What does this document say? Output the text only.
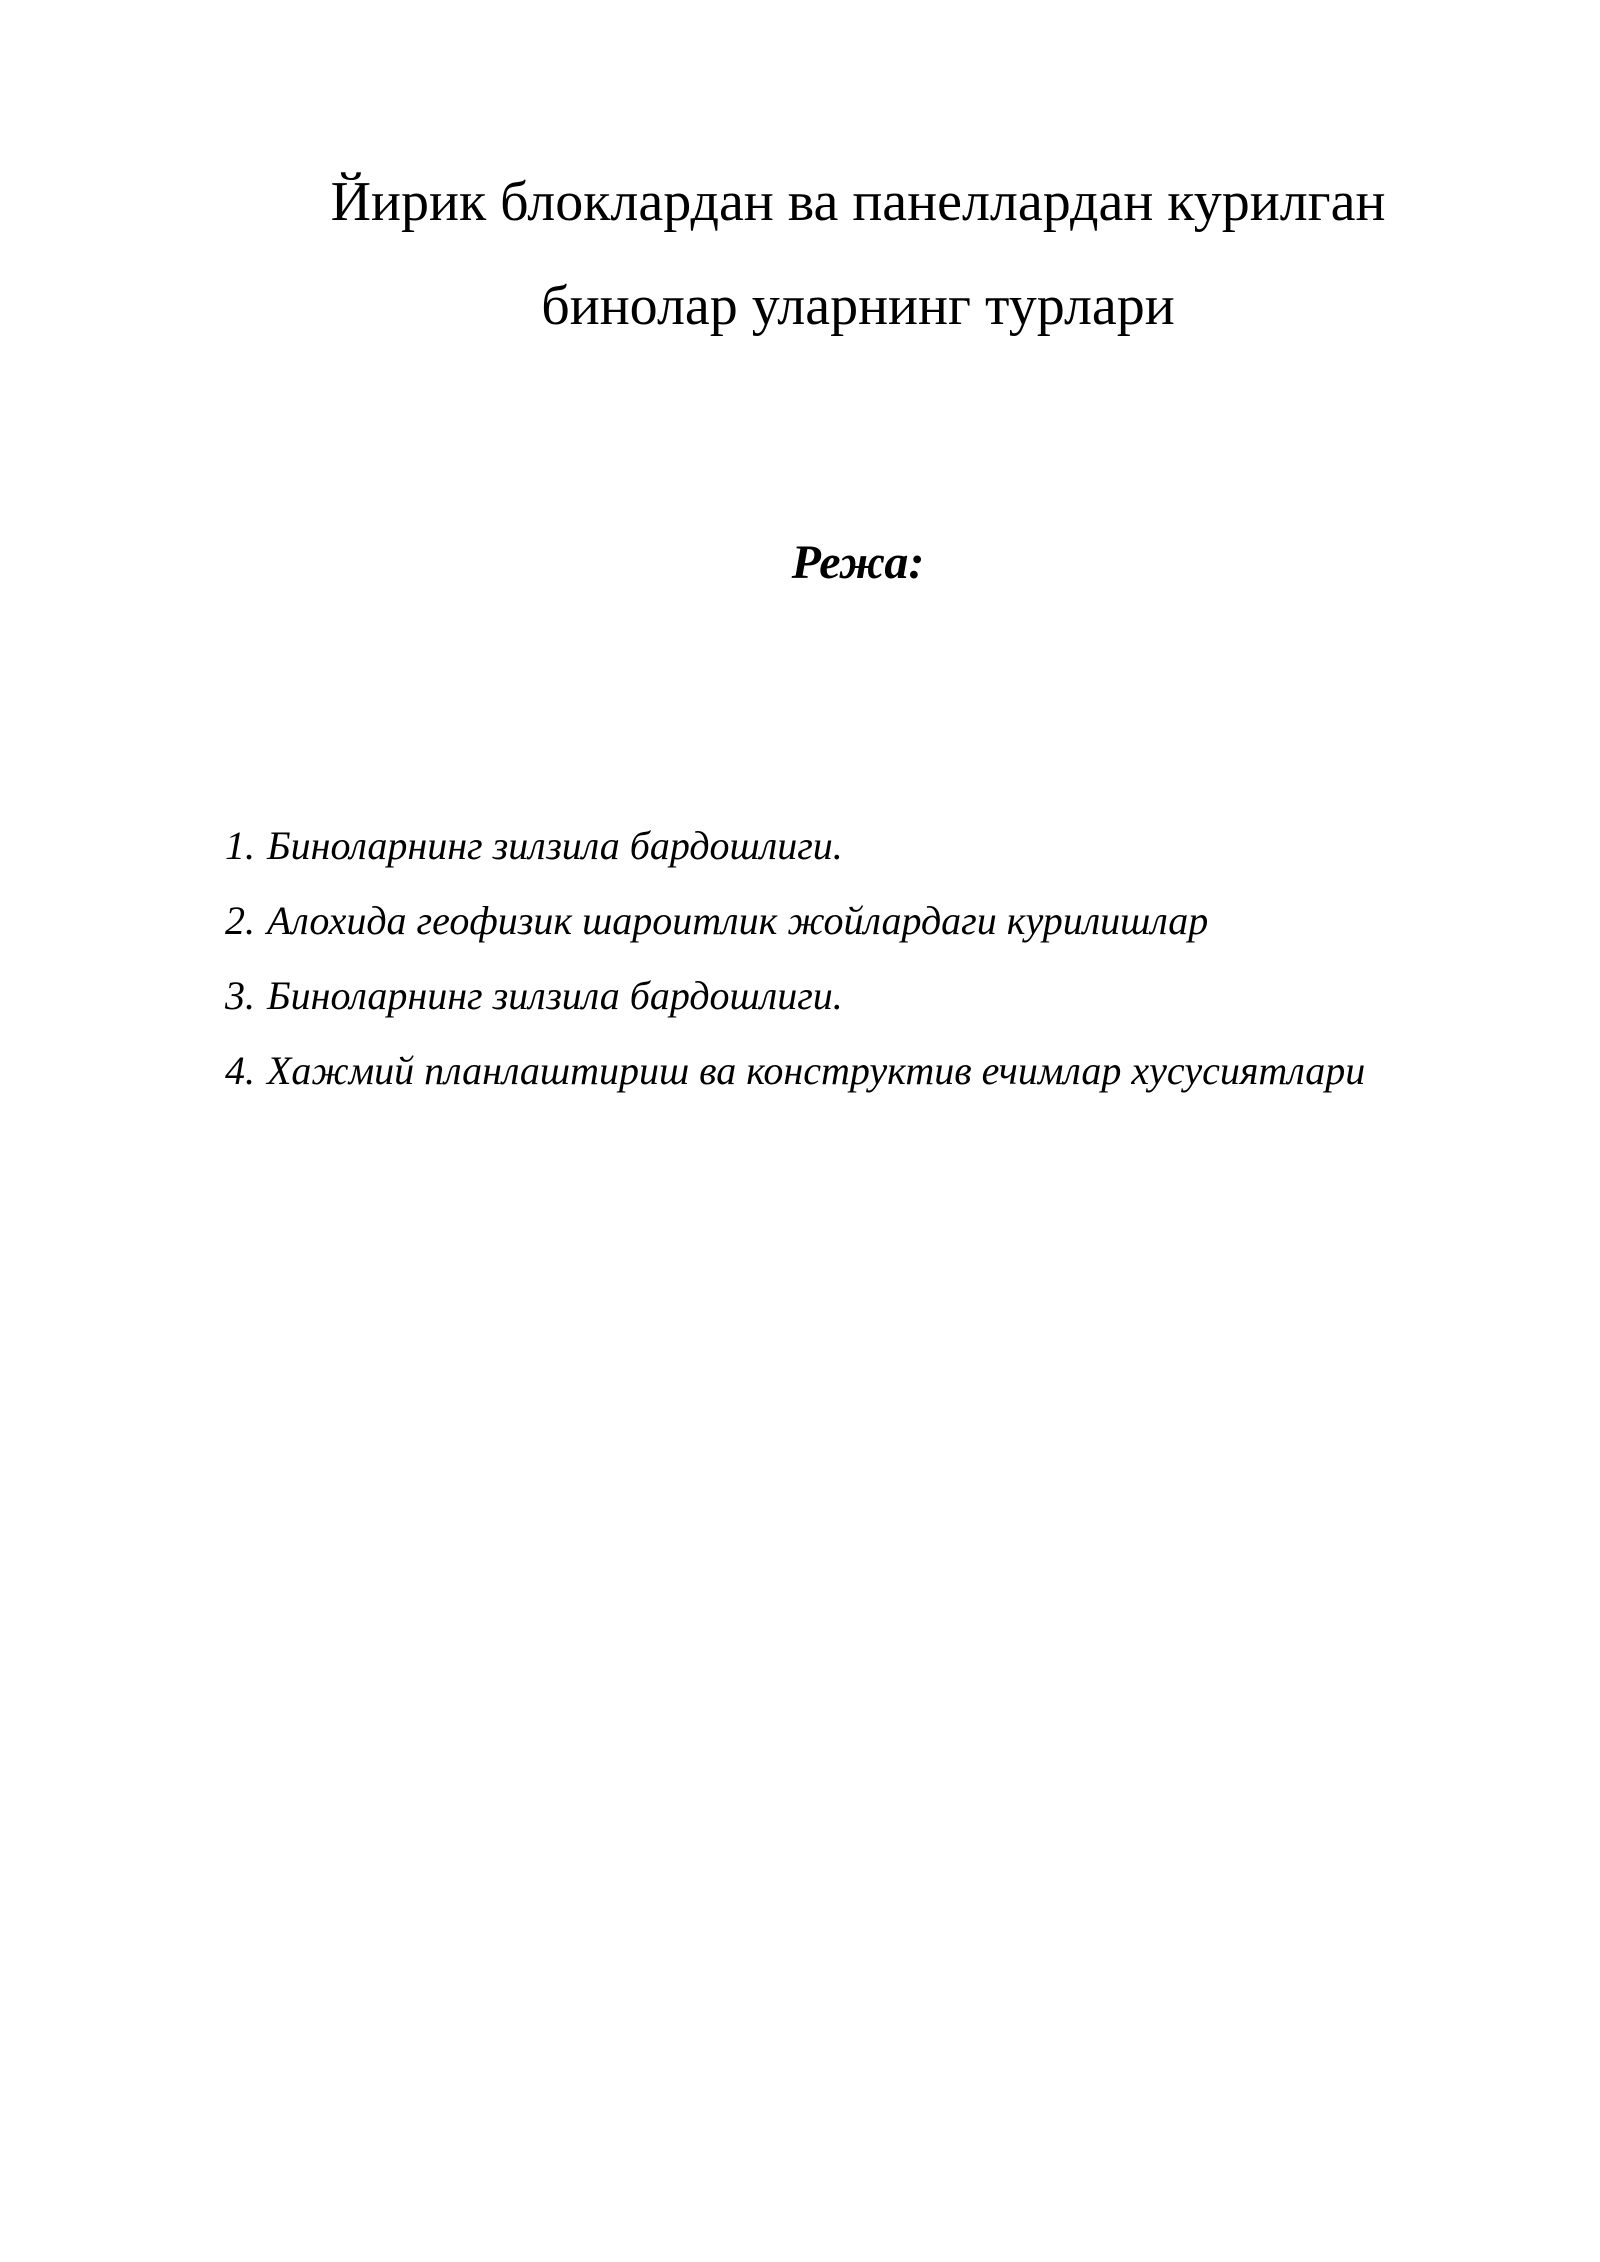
Йирик блоклардан ва панеллардан курилган
бинолар уларнинг турлари
Режа:
1. Биноларнинг зилзила бардошлиги.
2. Алохида геофизик шароитлик жойлардаги курилишлар
3. Биноларнинг зилзила бардошлиги.
4. Хажмий планлаштириш ва конструктив ечимлар хусусиятлари
